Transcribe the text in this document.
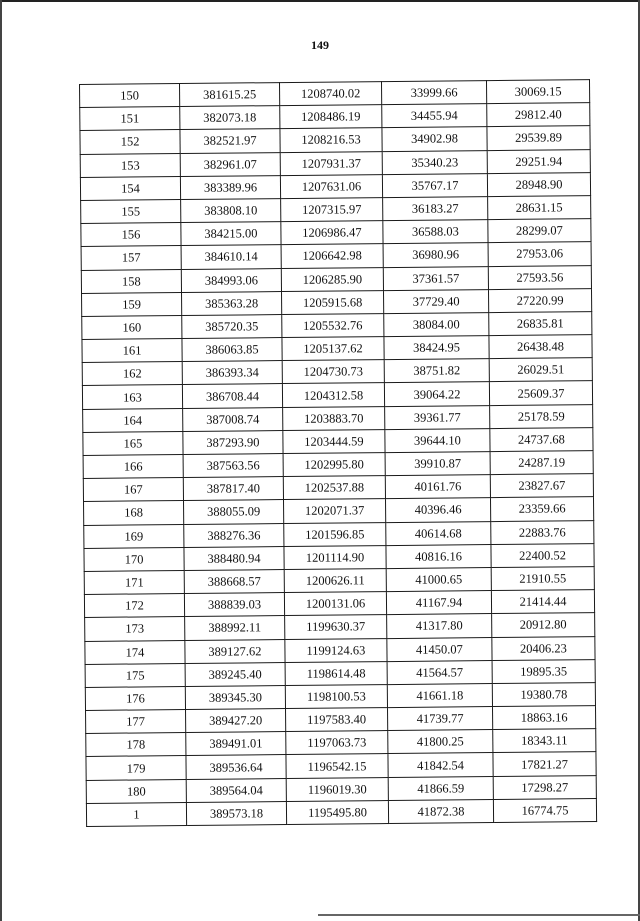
149
150	381615.25	1208740.02	33999.66	30069.15
151	382073.18	1208486.19	34455.94	29812.40
152	382521.97	1208216.53	34902.98	29539.89
153	382961.07	1207931.37	35340.23	29251.94
154	383389.96	1207631.06	35767.17	28948.90
155	383808.10	1207315.97	36183.27	28631.15
156	384215.00	1206986.47	36588.03	28299.07
157	384610.14	1206642.98	36980.96	27953.06
158	384993.06	1206285.90	37361.57	27593.56
159	385363.28	1205915.68	37729.40	27220.99
160	385720.35	1205532.76	38084.00	26835.81
161	386063.85	1205137.62	38424.95	26438.48
162	386393.34	1204730.73	38751.82	26029.51
163	386708.44	1204312.58	39064.22	25609.37
164	387008.74	1203883.70	39361.77	25178.59
165	387293.90	1203444.59	39644.10	24737.68
166	387563.56	1202995.80	39910.87	24287.19
167	387817.40	1202537.88	40161.76	23827.67
168	388055.09	1202071.37	40396.46	23359.66
169	388276.36	1201596.85	40614.68	22883.76
170	388480.94	1201114.90	40816.16	22400.52
171	388668.57	1200626.11	41000.65	21910.55
172	388839.03	1200131.06	41167.94	21414.44
173	388992.11	1199630.37	41317.80	20912.80
174	389127.62	1199124.63	41450.07	20406.23
175	389245.40	1198614.48	41564.57	19895.35
176	389345.30	1198100.53	41661.18	19380.78
177	389427.20	1197583.40	41739.77	18863.16
178	389491.01	1197063.73	41800.25	18343.11
179	389536.64	1196542.15	41842.54	17821.27
180	389564.04	1196019.30	41866.59	17298.27
1	389573.18	1195495.80	41872.38	16774.75
